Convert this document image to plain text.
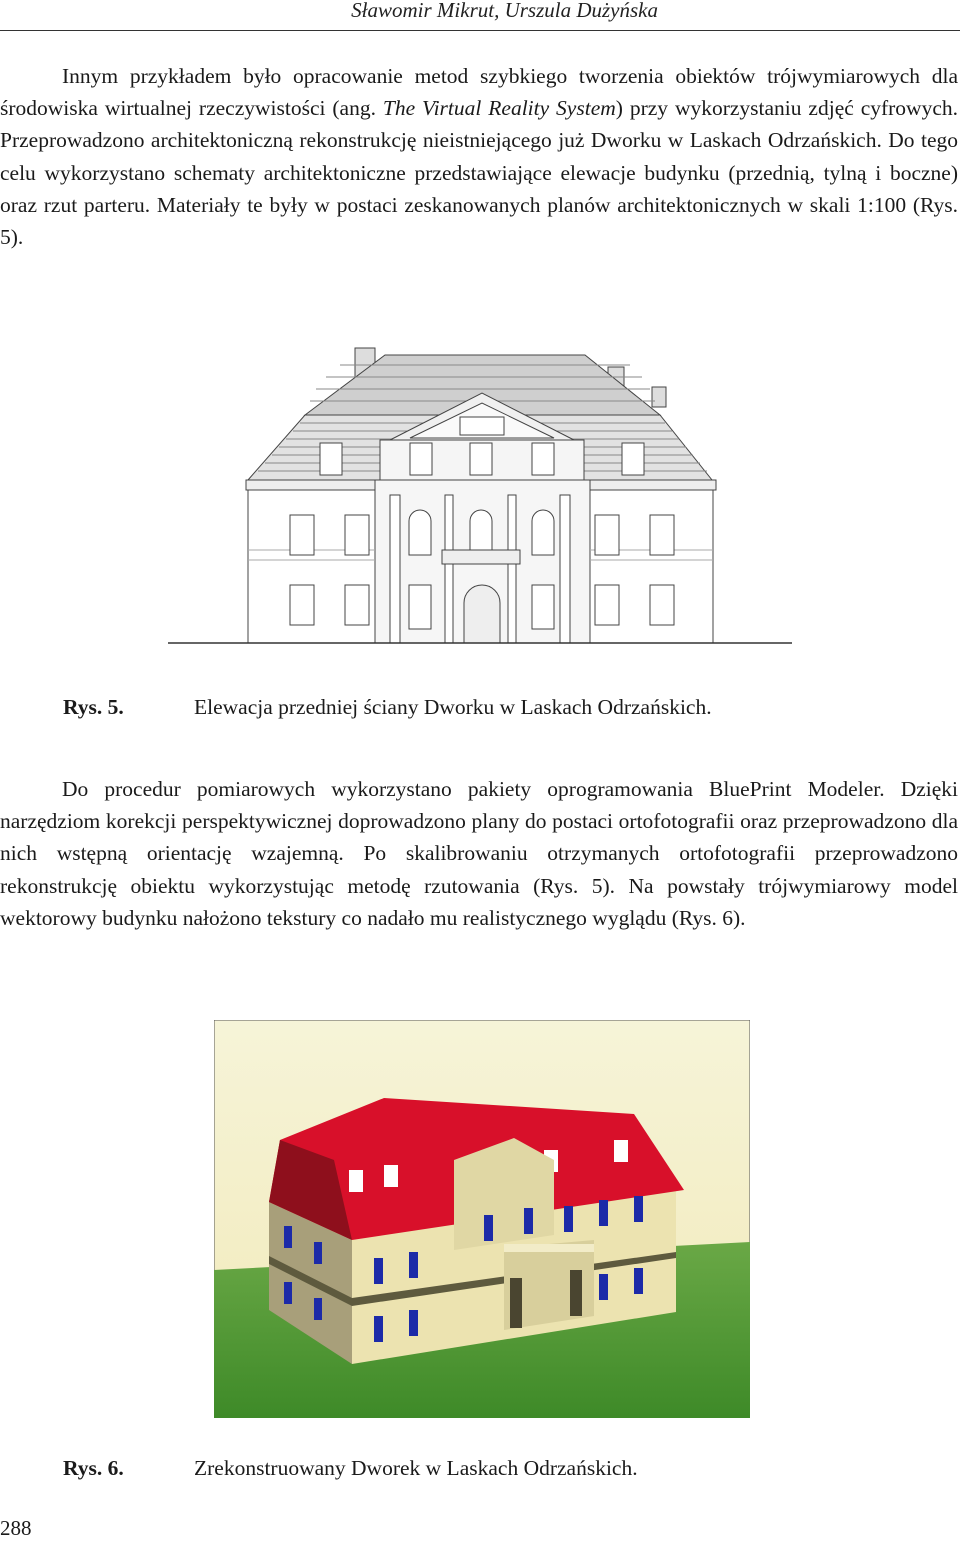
Sławomir Mikrut, Urszula Dużyńska

Innym przykładem było opracowanie metod szybkiego tworzenia obiektów trójwymiarowych dla środowiska wirtualnej rzeczywistości (ang. The Virtual Reality System) przy wykorzystaniu zdjęć cyfrowych. Przeprowadzono architektoniczną rekonstrukcję nieistniejącego już Dworku w Laskach Odrzańskich. Do tego celu wykorzystano schematy architektoniczne przedstawiające elewacje budynku (przednią, tylną i boczne) oraz rzut parteru. Materiały te były w postaci zeskanowanych planów architektonicznych w skali 1:100 (Rys. 5).

Rys. 5.	Elewacja przedniej ściany Dworku w Laskach Odrzańskich.

Do procedur pomiarowych wykorzystano pakiety oprogramowania BluePrint Modeler. Dzięki narzędziom korekcji perspektywicznej doprowadzono plany do postaci ortofotografii oraz przeprowadzono dla nich wstępną orientację wzajemną. Po skalibrowaniu otrzymanych ortofotografii przeprowadzono rekonstrukcję obiektu wykorzystując metodę rzutowania (Rys. 5). Na powstały trójwymiarowy model wektorowy budynku nałożono tekstury co nadało mu realistycznego wyglądu (Rys. 6).

Rys. 6.	Zrekonstruowany Dworek w Laskach Odrzańskich.
288
